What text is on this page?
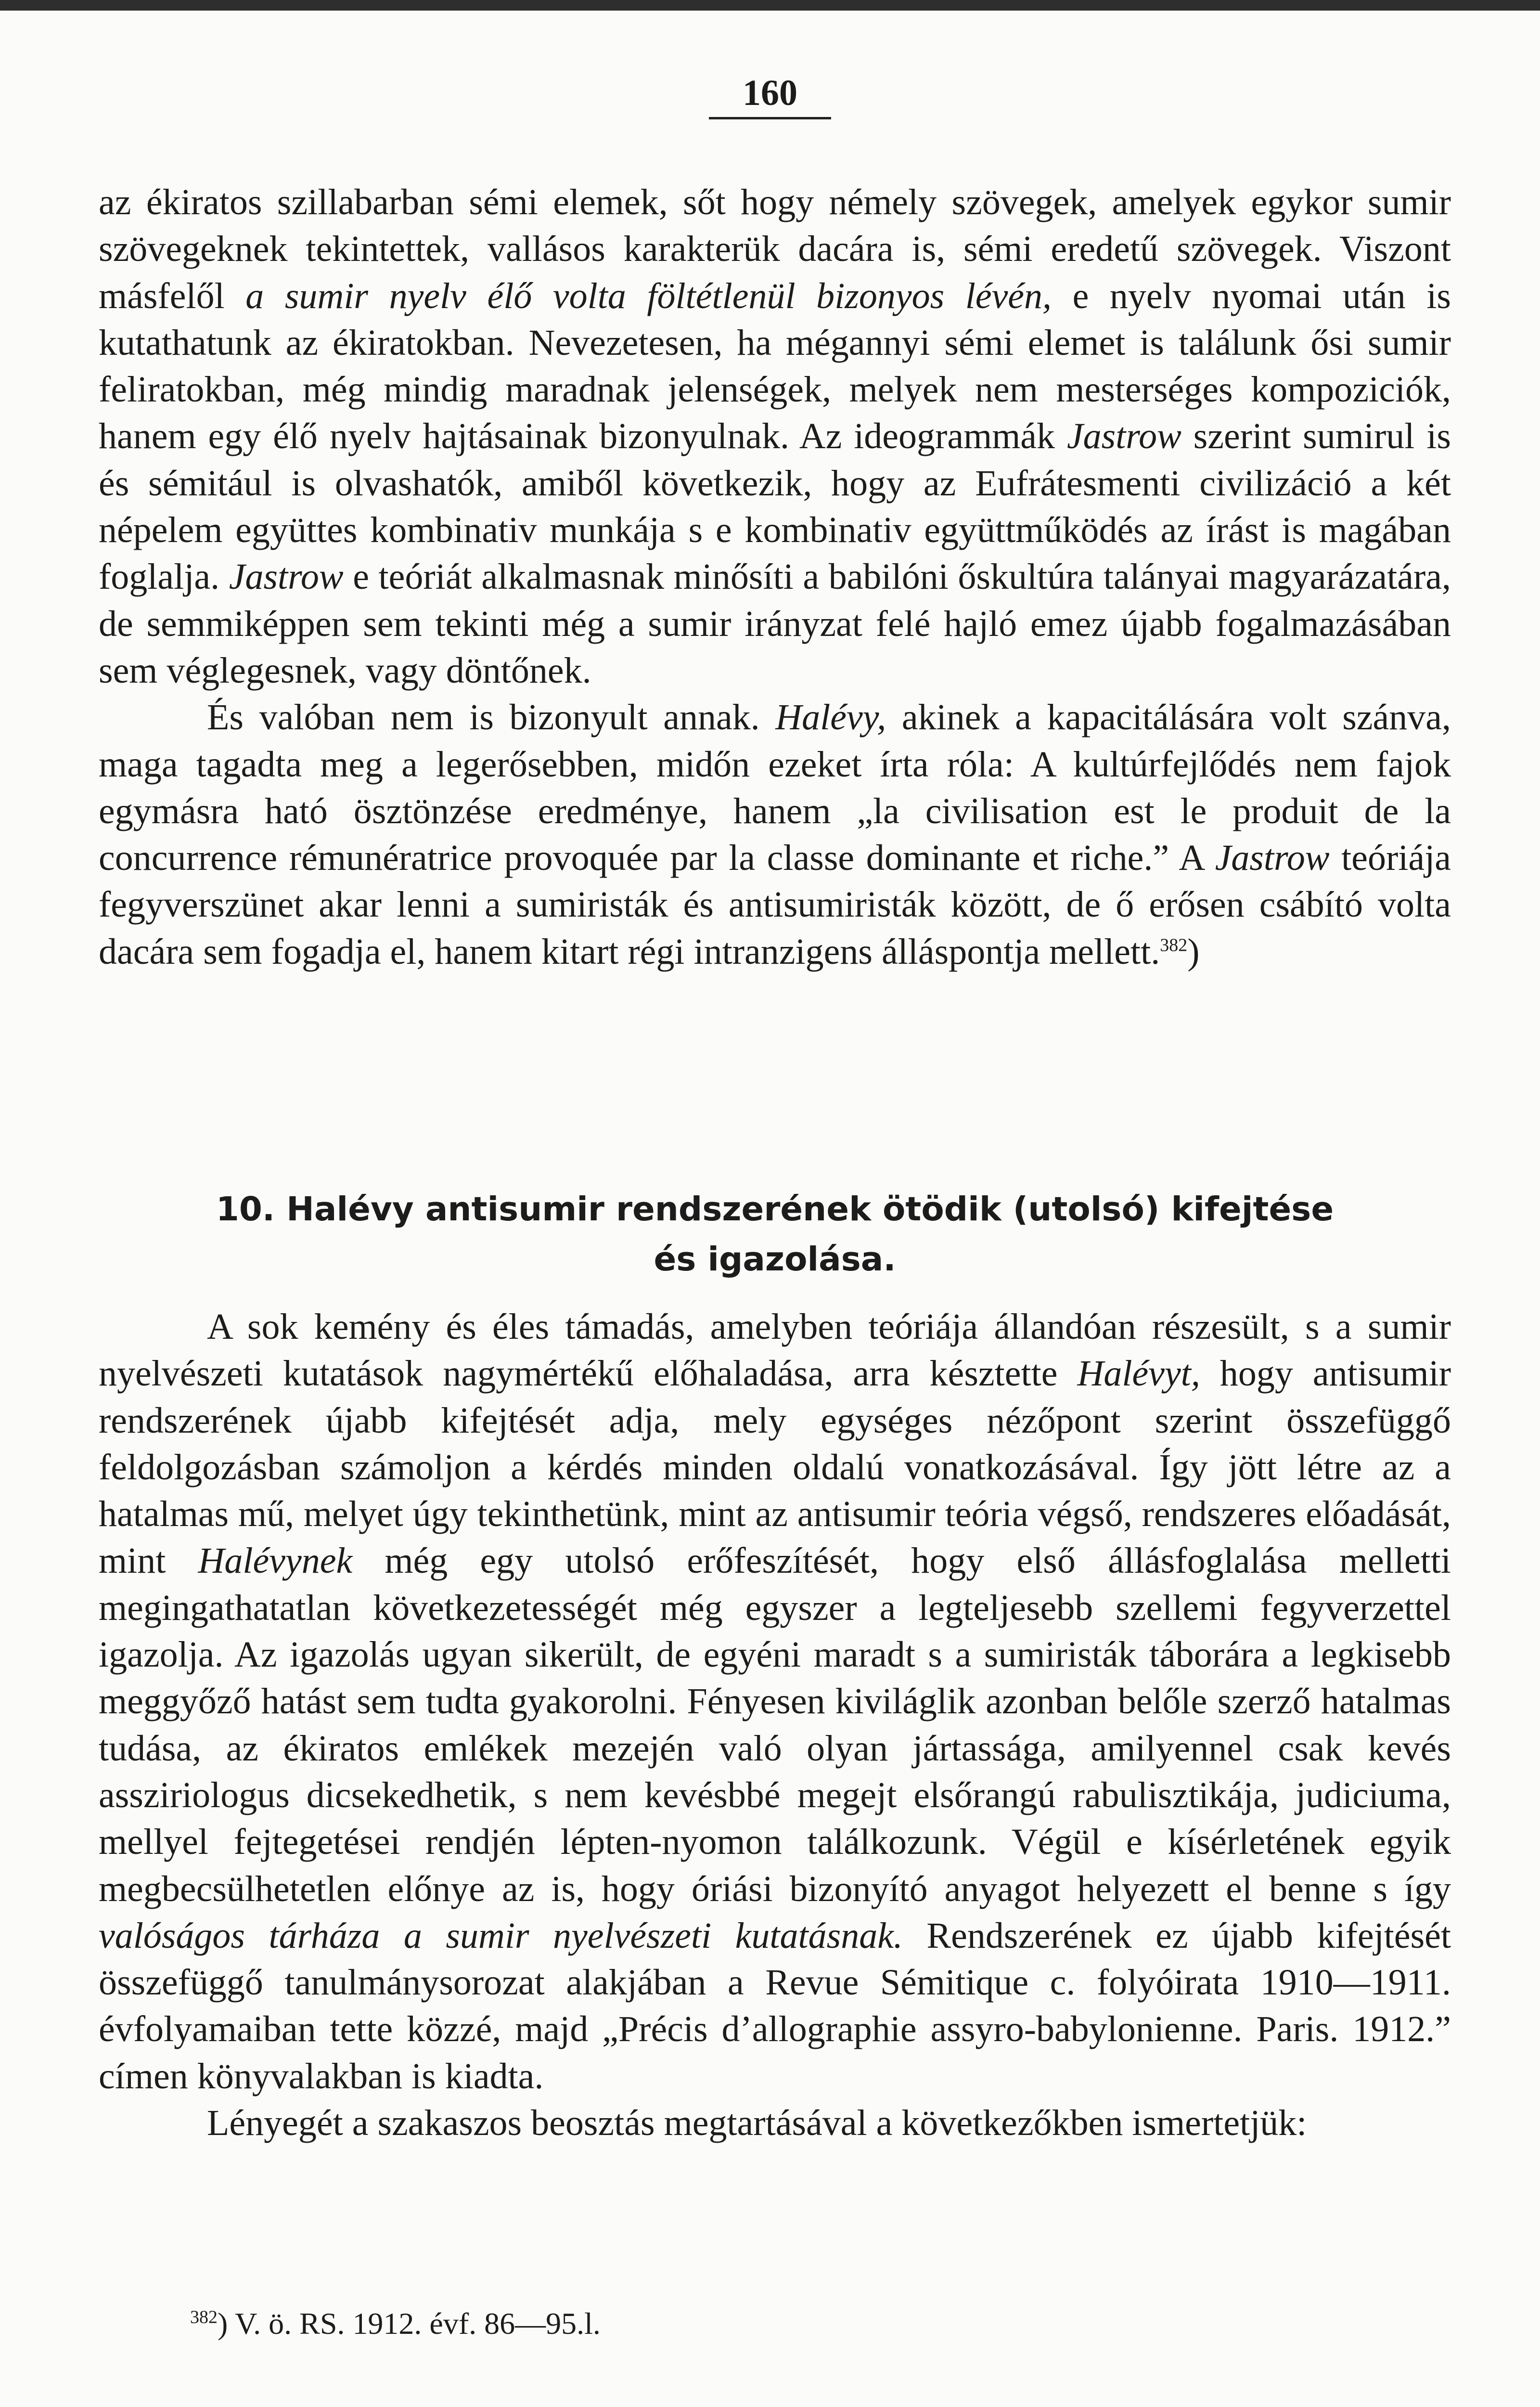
160

az ékiratos szillabarban sémi elemek, sőt hogy némely szövegek, amelyek egykor sumir szövegeknek tekintettek, vallásos karakterük dacára is, sémi eredetű szövegek. Viszont másfelől a sumir nyelv élő volta föltétlenül bizonyos lévén, e nyelv nyomai után is kutathatunk az ékiratokban. Nevezetesen, ha mégannyi sémi elemet is találunk ősi sumir feliratokban, még mindig maradnak jelenségek, melyek nem mesterséges kompoziciók, hanem egy élő nyelv hajtásainak bizonyulnak. Az ideogrammák Jastrow szerint sumirul is és sémitául is olvashatók, amiből következik, hogy az Eufrátesmenti civilizáció a két népelem együttes kombinativ munkája s e kombinativ együttműködés az írást is magában foglalja. Jastrow e teóriát alkalmasnak minősíti a babilóni őskultúra talányai magyarázatára, de semmiképpen sem tekinti még a sumir irányzat felé hajló emez újabb fogalmazásában sem véglegesnek, vagy döntőnek.

És valóban nem is bizonyult annak. Halévy, akinek a kapacitálására volt szánva, maga tagadta meg a legerősebben, midőn ezeket írta róla: A kultúrfejlődés nem fajok egymásra ható ösztönzése eredménye, hanem „la civilisation est le produit de la concurrence rémunératrice provoquée par la classe dominante et riche.” A Jastrow teóriája fegyverszünet akar lenni a sumiristák és antisumiristák között, de ő erősen csábító volta dacára sem fogadja el, hanem kitart régi intranzigens álláspontja mellett.$^{382}$)

10. Halévy antisumir rendszerének ötödik (utolsó) kifejtése
és igazolása.

A sok kemény és éles támadás, amelyben teóriája állandóan részesült, s a sumir nyelvészeti kutatások nagymértékű előhaladása, arra késztette Halévyt, hogy antisumir rendszerének újabb kifejtését adja, mely egységes nézőpont szerint összefüggő feldolgozásban számoljon a kérdés minden oldalú vonatkozásával. Így jött létre az a hatalmas mű, melyet úgy tekinthetünk, mint az antisumir teória végső, rendszeres előadását, mint Halévynek még egy utolsó erőfeszítését, hogy első állásfoglalása melletti megingathatatlan következetességét még egyszer a legteljesebb szellemi fegyverzettel igazolja. Az igazolás ugyan sikerült, de egyéni maradt s a sumiristák táborára a legkisebb meggyőző hatást sem tudta gyakorolni. Fényesen kiviláglik azonban belőle szerző hatalmas tudása, az ékiratos emlékek mezején való olyan jártassága, amilyennel csak kevés assziriologus dicsekedhetik, s nem kevésbbé megejt elsőrangú rabulisztikája, judiciuma, mellyel fejtegetései rendjén lépten-nyomon találkozunk. Végül e kísérletének egyik megbecsülhetetlen előnye az is, hogy óriási bizonyító anyagot helyezett el benne s így valóságos tárháza a sumir nyelvészeti kutatásnak. Rendszerének ez újabb kifejtését összefüggő tanulmánysorozat alakjában a Revue Sémitique c. folyóirata 1910—1911. évfolyamaiban tette közzé, majd „Précis d’allographie assyro-babylonienne. Paris. 1912.” címen könyvalakban is kiadta.

Lényegét a szakaszos beosztás megtartásával a következőkben ismertetjük:

$^{382}$) V. ö. RS. 1912. évf. 86—95.l.
